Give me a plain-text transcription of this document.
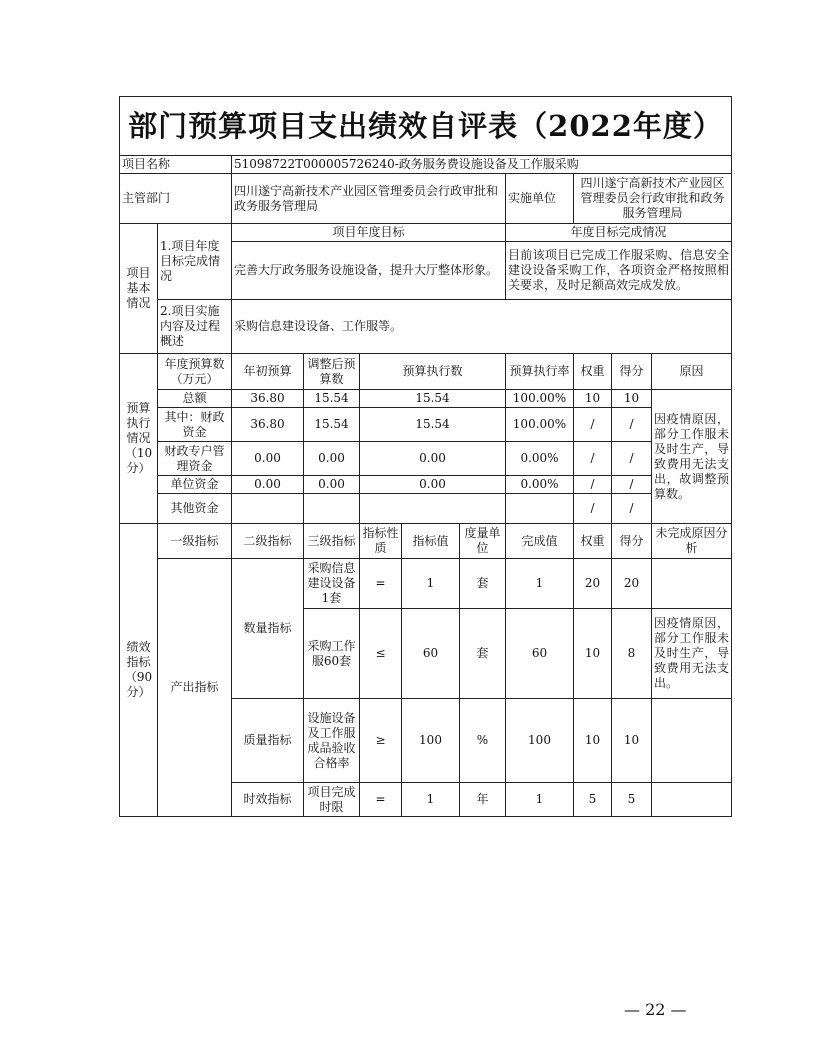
部门预算项目支出绩效自评表（2022年度）										
项目名称		51098722T000005726240-政务服务费设施设备及工作服采购								
主管部门		四川遂宁高新技术产业园区管理委员会行政审批和政务服务管理局					实施单位	四川遂宁高新技术产业园区管理委员会行政审批和政务服务管理局		
项目基本情况	1.项目年度目标完成情况	项目年度目标					年度目标完成情况			
		完善大厅政务服务设施设备，提升大厅整体形象。					目前该项目已完成工作服采购、信息安全建设设备采购工作，各项资金严格按照相关要求，及时足额高效完成发放。			
	2.项目实施内容及过程概述	采购信息建设设备、工作服等。								
预算执行情况（10分）	年度预算数（万元）	年初预算	调整后预算数	预算执行数			预算执行率	权重	得分	原因
	总额	36.80	15.54	15.54			100.00%	10	10	因疫情原因，部分工作服未及时生产，导致费用无法支出，故调整预算数。
	其中：财政资金	36.80	15.54	15.54			100.00%	/	/	
	财政专户管理资金	0.00	0.00	0.00			0.00%	/	/	
	单位资金	0.00	0.00	0.00			0.00%	/	/	
	其他资金							/	/	
绩效指标（90分）	一级指标	二级指标	三级指标	指标性质	指标值	度量单位	完成值	权重	得分	未完成原因分析
	产出指标	数量指标	采购信息建设设备1套	=	1	套	1	20	20	
			采购工作服60套	≤	60	套	60	10	8	因疫情原因，部分工作服未及时生产，导致费用无法支出。
		质量指标	设施设备及工作服成品验收合格率	≥	100	%	100	10	10	
		时效指标	项目完成时限	=	1	年	1	5	5	
— 22 —
